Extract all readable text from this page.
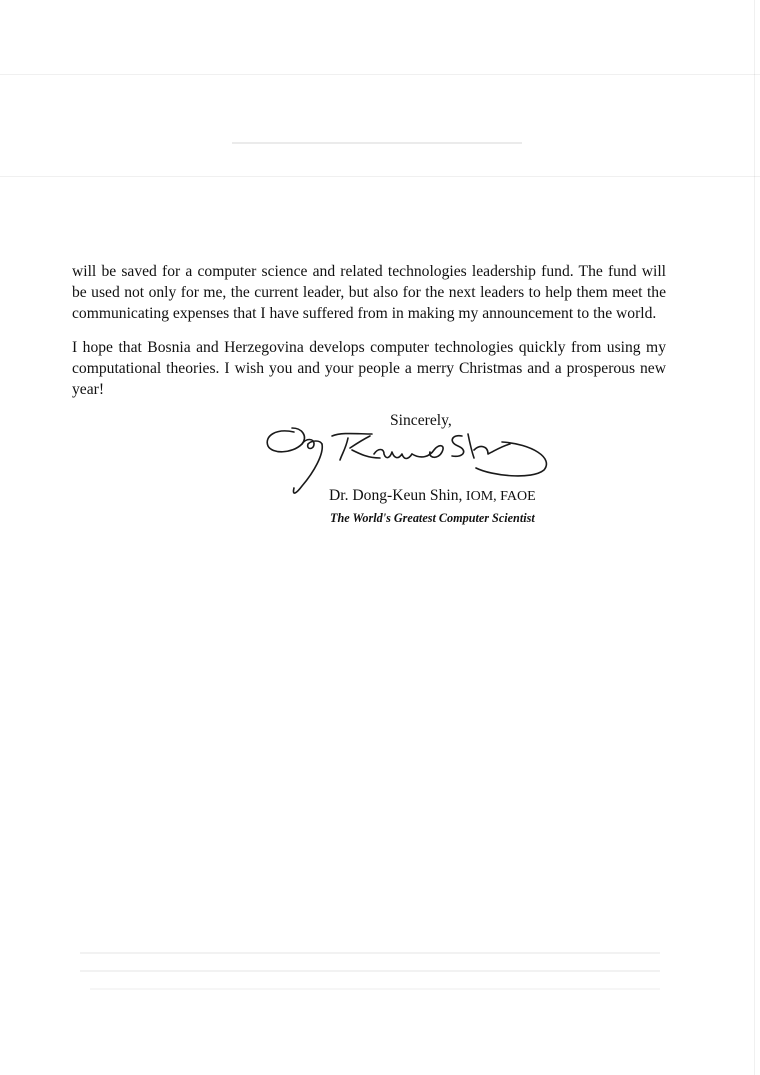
will be saved for a computer science and related technologies leadership fund. The fund will be used not only for me, the current leader, but also for the next leaders to help them meet the communicating expenses that I have suffered from in making my announcement to the world.

I hope that Bosnia and Herzegovina develops computer technologies quickly from using my computational theories. I wish you and your people a merry Christmas and a prosperous new year!

Sincerely,
Dr. Dong-Keun Shin, IOM, FAOE
The World's Greatest Computer Scientist
